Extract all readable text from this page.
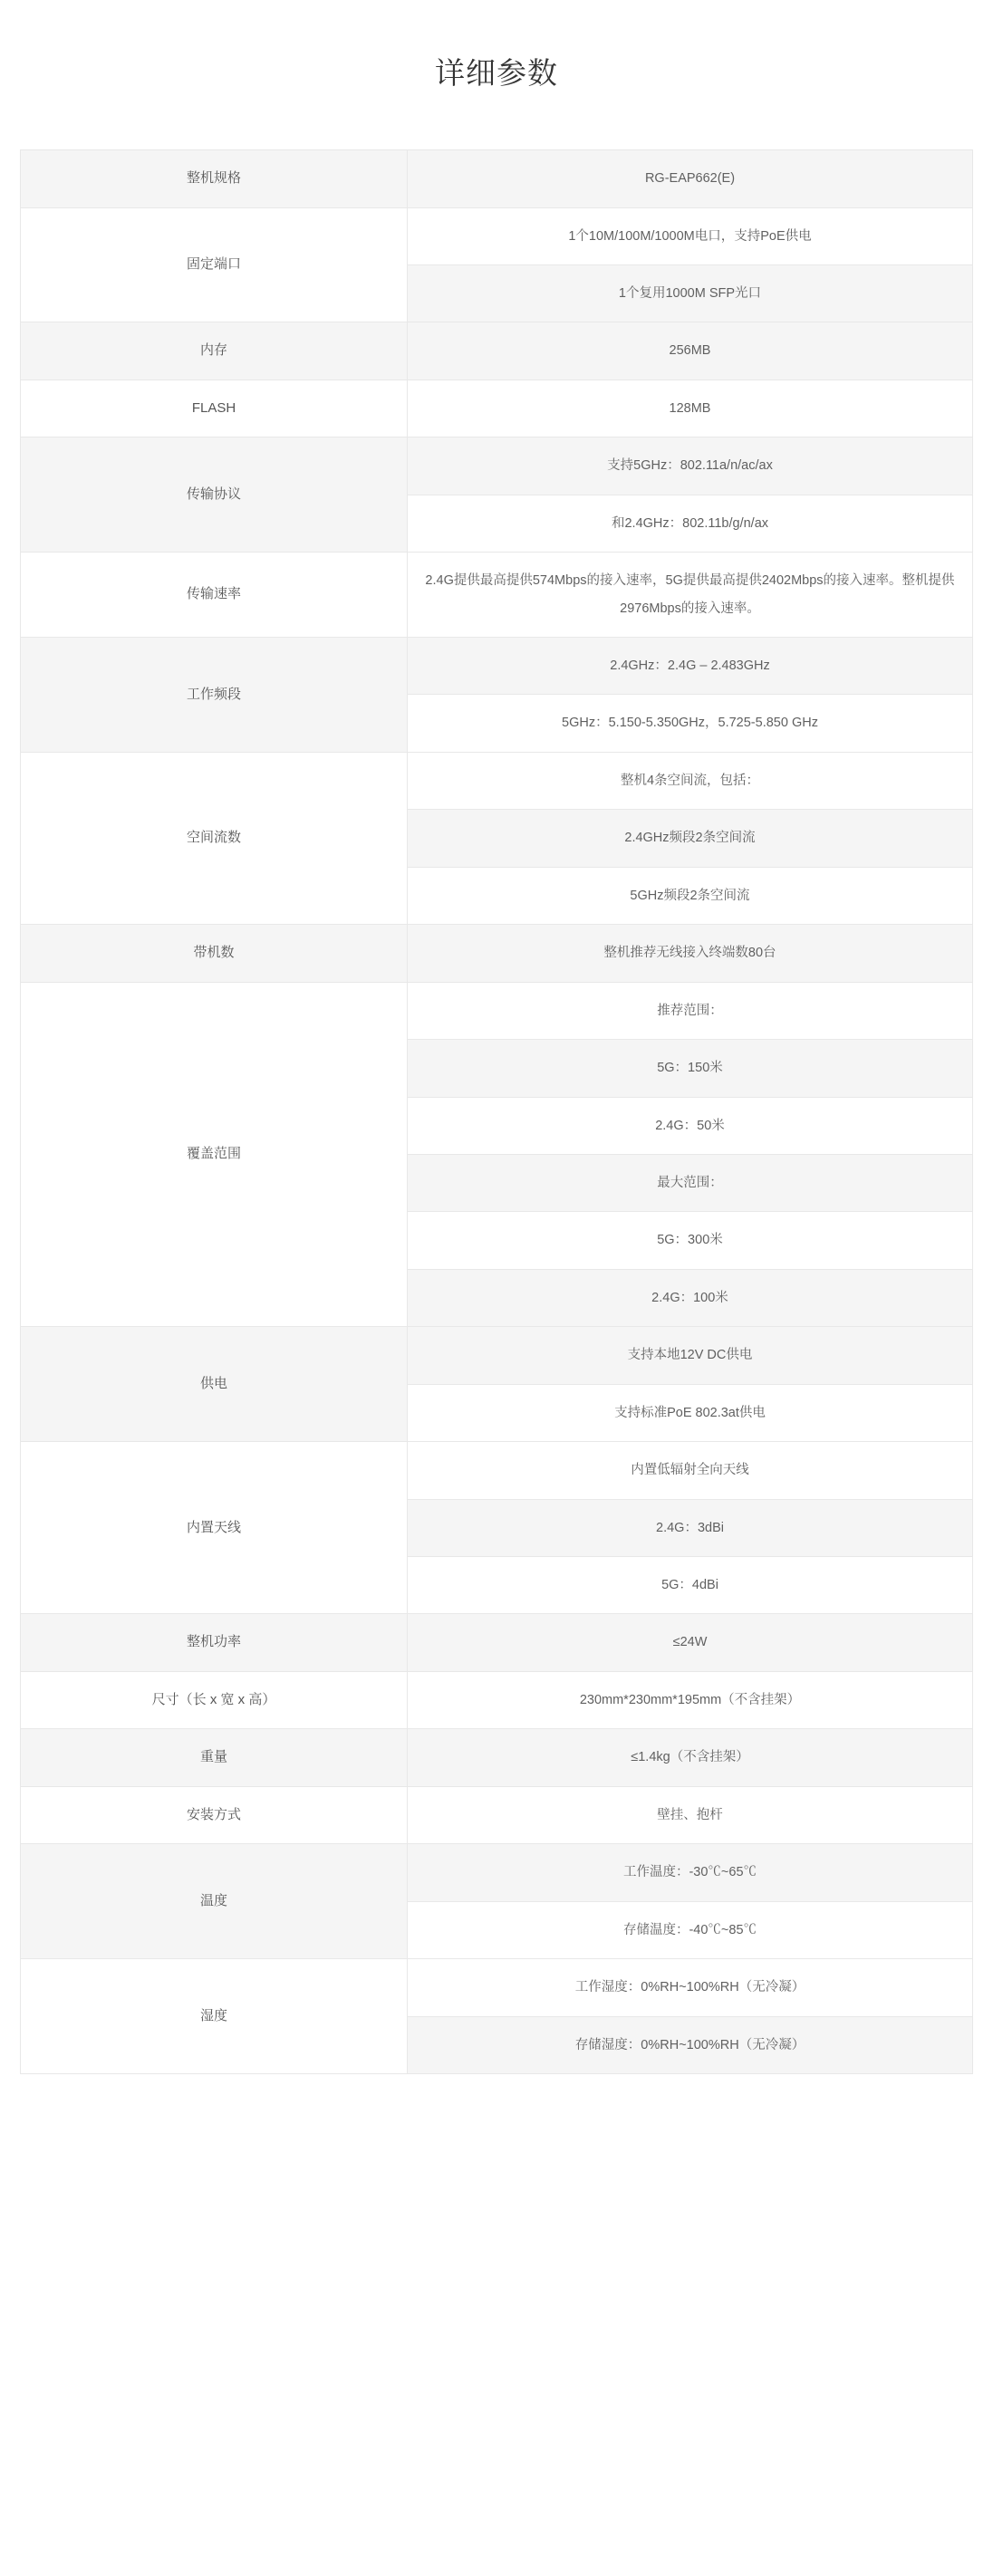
详细参数
整机规格	RG-EAP662(E)

固定端口	1个10M/100M/1000M电口，支持PoE供电

	1个复用1000M SFP光口

内存	256MB

FLASH	128MB

传输协议	支持5GHz：802.11a/n/ac/ax

	和2.4GHz：802.11b/g/n/ax

传输速率	2.4G提供最高提供574Mbps的接入速率，5G提供最高提供2402Mbps的接入速率。整机提供2976Mbps的接入速率。

工作频段	2.4GHz：2.4G – 2.483GHz

	5GHz：5.150-5.350GHz，5.725-5.850 GHz

空间流数	整机4条空间流，包括：

	2.4GHz频段2条空间流

	5GHz频段2条空间流

带机数	整机推荐无线接入终端数80台

覆盖范围	推荐范围：

	5G：150米

	2.4G：50米

	最大范围：

	5G：300米

	2.4G：100米

供电	支持本地12V DC供电

	支持标准PoE 802.3at供电

内置天线	内置低辐射全向天线

	2.4G：3dBi

	5G：4dBi

整机功率	≤24W

尺寸（长 x 宽 x 高）	230mm*230mm*195mm（不含挂架）

重量	≤1.4kg（不含挂架）

安装方式	壁挂、抱杆

温度	工作温度：-30℃~65℃

	存储温度：-40℃~85℃

湿度	工作湿度：0%RH~100%RH（无冷凝）

	存储湿度：0%RH~100%RH（无冷凝）
